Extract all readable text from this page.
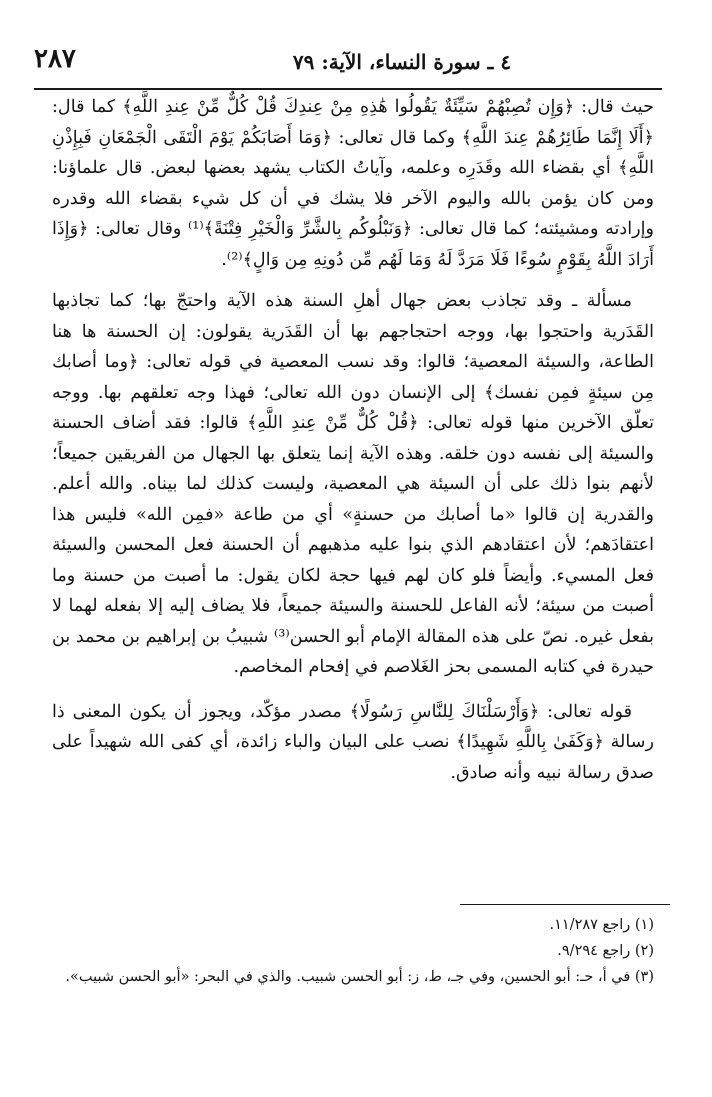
٢٨٧	٤ ـ سورة النساء، الآية: ٧٩

حيث قال: ﴿وَإِن تُصِبْهُمْ سَيِّئَةٌ يَقُولُوا هَٰذِهِ مِنْ عِندِكَ قُلْ كُلٌّ مِّنْ عِندِ اللَّهِ﴾ كما قال: ﴿أَلَا إِنَّمَا طَائِرُهُمْ عِندَ اللَّهِ﴾ وكما قال تعالى: ﴿وَمَا أَصَابَكُمْ يَوْمَ الْتَقَى الْجَمْعَانِ فَبِإِذْنِ اللَّهِ﴾ أي بقضاء الله وقَدَرِه وعلمه، وآياتُ الكتاب يشهد بعضها لبعض. قال علماؤنا: ومن كان يؤمن بالله واليوم الآخر فلا يشك في أن كل شيء بقضاء الله وقدره وإرادته ومشيئته؛ كما قال تعالى: ﴿وَنَبْلُوكُم بِالشَّرِّ وَالْخَيْرِ فِتْنَةً﴾⁽¹⁾ وقال تعالى: ﴿وَإِذَا أَرَادَ اللَّهُ بِقَوْمٍ سُوءًا فَلَا مَرَدَّ لَهُ وَمَا لَهُم مِّن دُونِهِ مِن وَالٍ﴾⁽²⁾.

مسألة ـ وقد تجاذب بعض جهال أهلِ السنة هذه الآية واحتجّ بها؛ كما تجاذبها القَدَرية واحتجوا بها، ووجه احتجاجهم بها أن القَدَرية يقولون: إن الحسنة ها هنا الطاعة، والسيئة المعصية؛ قالوا: وقد نسب المعصية في قوله تعالى: ﴿وما أصابك مِن سيئةٍ فمِن نفسك﴾ إلى الإنسان دون الله تعالى؛ فهذا وجه تعلقهم بها. ووجه تعلّق الآخرين منها قوله تعالى: ﴿قُلْ كُلٌّ مِّنْ عِندِ اللَّهِ﴾ قالوا: فقد أضاف الحسنة والسيئة إلى نفسه دون خلقه. وهذه الآية إنما يتعلق بها الجهال من الفريقين جميعاً؛ لأنهم بنوا ذلك على أن السيئة هي المعصية، وليست كذلك لما بيناه. والله أعلم. والقدرية إن قالوا «ما أصابك من حسنةٍ» أي من طاعة «فمِن الله» فليس هذا اعتقادَهم؛ لأن اعتقادهم الذي بنوا عليه مذهبهم أن الحسنة فعل المحسن والسيئة فعل المسيء. وأيضاً فلو كان لهم فيها حجة لكان يقول: ما أصبت من حسنة وما أصبت من سيئة؛ لأنه الفاعل للحسنة والسيئة جميعاً، فلا يضاف إليه إلا بفعله لهما لا بفعل غيره. نصّ على هذه المقالة الإمام أبو الحسن⁽³⁾ شبيبُ بن إبراهيم بن محمد بن حيدرة في كتابه المسمى بحز الغَلاصم في إفحام المخاصم.

قوله تعالى: ﴿وَأَرْسَلْنَاكَ لِلنَّاسِ رَسُولًا﴾ مصدر مؤكّد، ويجوز أن يكون المعنى ذا رسالة ﴿وَكَفَىٰ بِاللَّهِ شَهِيدًا﴾ نصب على البيان والباء زائدة، أي كفى الله شهيداً على صدق رسالة نبيه وأنه صادق.

(١) راجع ١١/٢٨٧.
(٢) راجع ٩/٢٩٤.
(٣) في أ، حـ: أبو الحسين، وفي جـ، ط، ز: أبو الحسن شبيب. والذي في البحر: «أبو الحسن شبيب».
